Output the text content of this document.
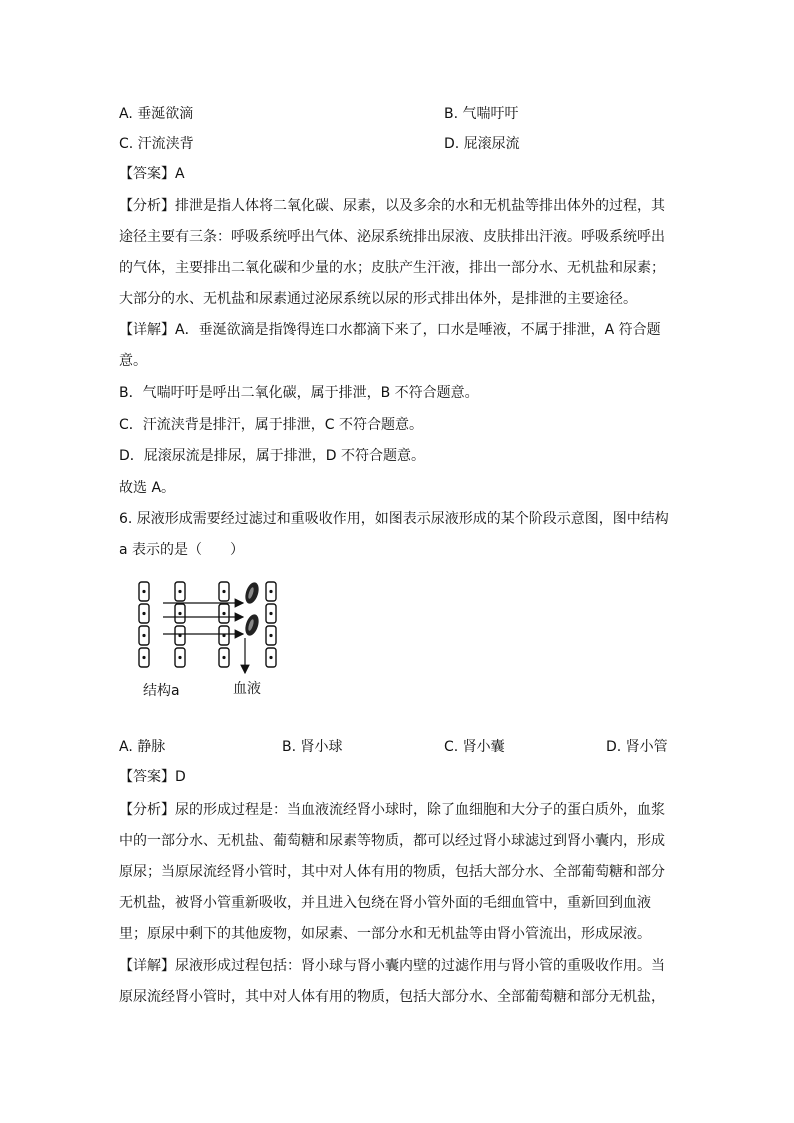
A. 垂涎欲滴	B. 气喘吁吁
C. 汗流浃背	D. 屁滚尿流
【答案】A
【分析】排泄是指人体将二氧化碳、尿素，以及多余的水和无机盐等排出体外的过程，其
途径主要有三条：呼吸系统呼出气体、泌尿系统排出尿液、皮肤排出汗液。呼吸系统呼出
的气体，主要排出二氧化碳和少量的水；皮肤产生汗液，排出一部分水、无机盐和尿素；
大部分的水、无机盐和尿素通过泌尿系统以尿的形式排出体外，是排泄的主要途径。
【详解】A．垂涎欲滴是指馋得连口水都滴下来了，口水是唾液，不属于排泄，A 符合题
意。
B．气喘吁吁是呼出二氧化碳，属于排泄，B 不符合题意。
C．汗流浃背是排汗，属于排泄，C 不符合题意。
D．屁滚尿流是排尿，属于排泄，D 不符合题意。
故选 A。
6. 尿液形成需要经过滤过和重吸收作用，如图表示尿液形成的某个阶段示意图，图中结构
a 表示的是（　　）
结构a	血液
A. 静脉	B. 肾小球	C. 肾小囊	D. 肾小管
【答案】D
【分析】尿的形成过程是：当血液流经肾小球时，除了血细胞和大分子的蛋白质外，血浆
中的一部分水、无机盐、葡萄糖和尿素等物质，都可以经过肾小球滤过到肾小囊内，形成
原尿；当原尿流经肾小管时，其中对人体有用的物质，包括大部分水、全部葡萄糖和部分
无机盐，被肾小管重新吸收，并且进入包绕在肾小管外面的毛细血管中，重新回到血液
里；原尿中剩下的其他废物，如尿素、一部分水和无机盐等由肾小管流出，形成尿液。
【详解】尿液形成过程包括：肾小球与肾小囊内壁的过滤作用与肾小管的重吸收作用。当
原尿流经肾小管时，其中对人体有用的物质，包括大部分水、全部葡萄糖和部分无机盐，
